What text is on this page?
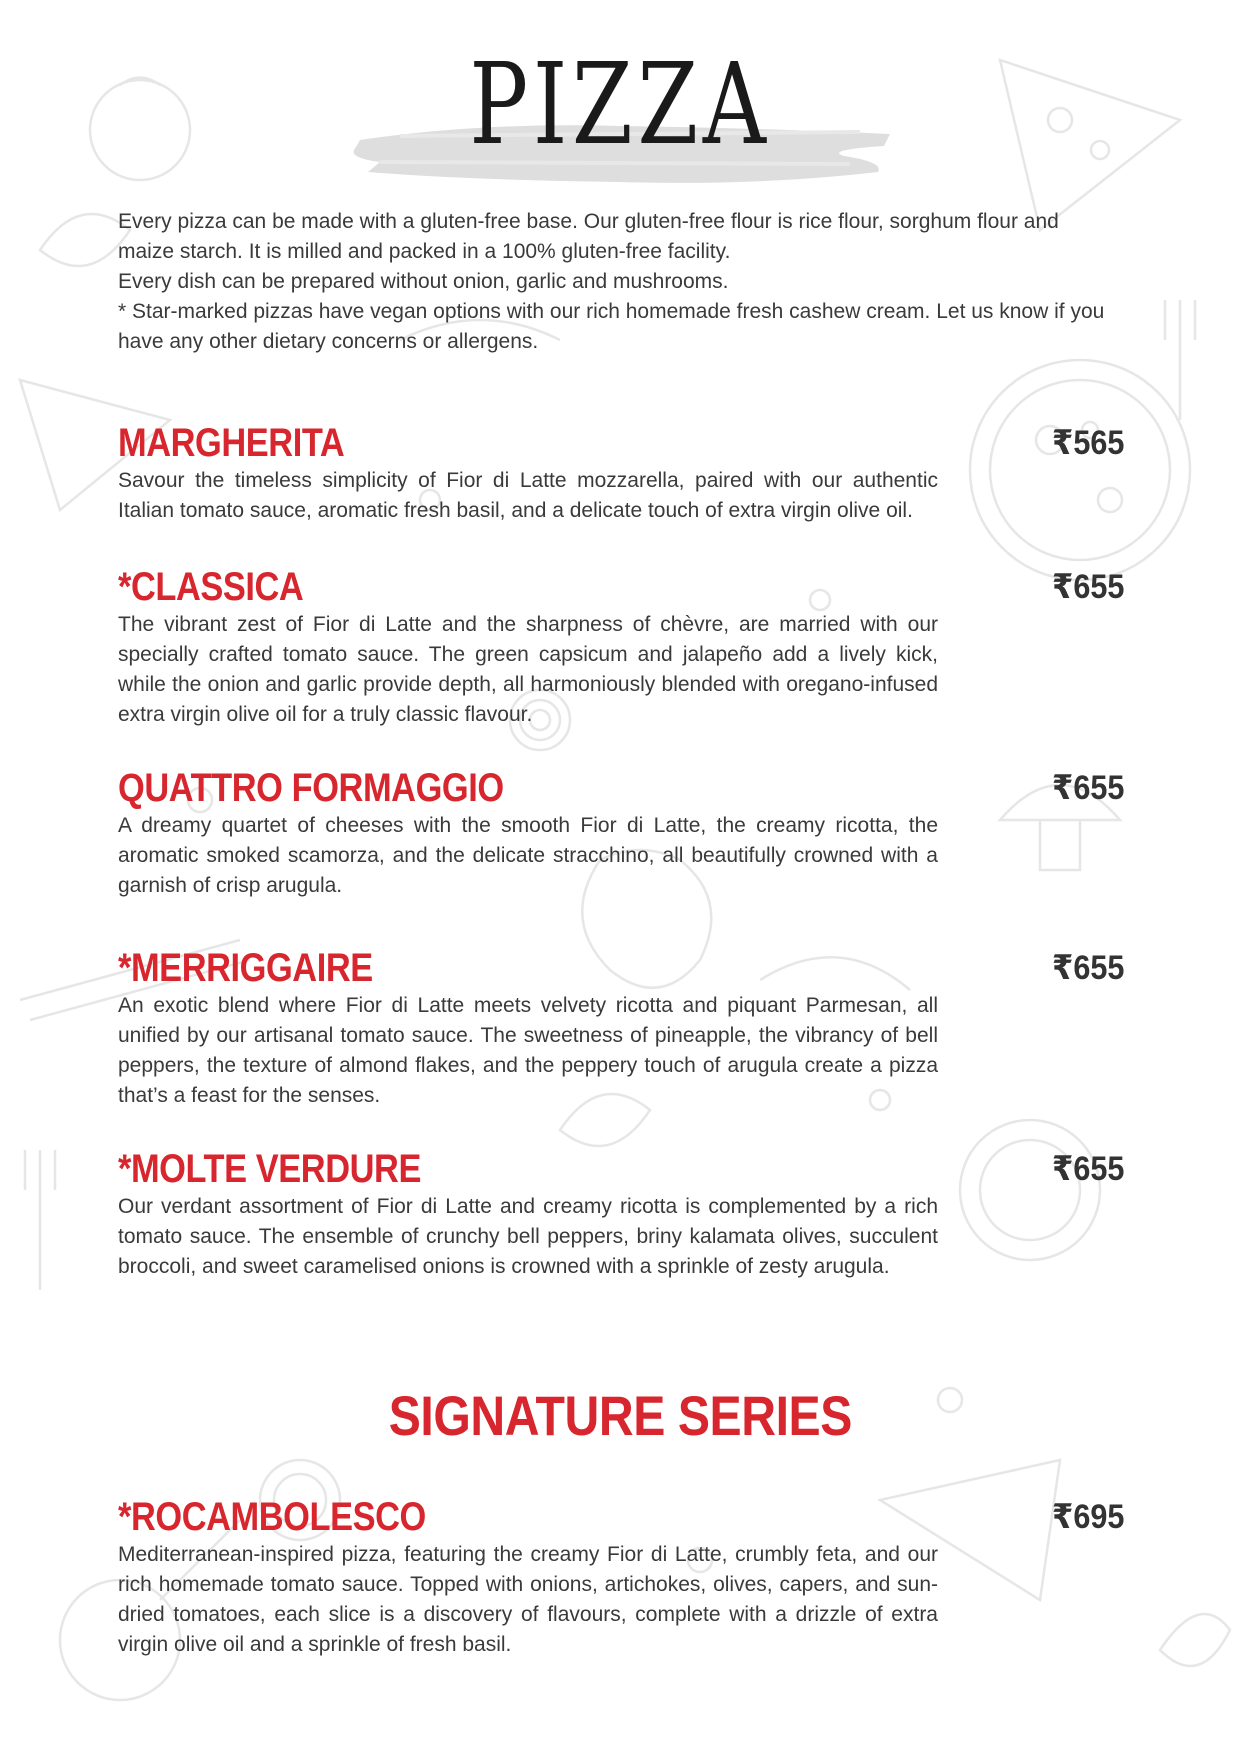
PIZZA

Every pizza can be made with a gluten-free base. Our gluten-free flour is rice flour, sorghum flour and maize starch. It is milled and packed in a 100% gluten-free facility.

Every dish can be prepared without onion, garlic and mushrooms.

* Star-marked pizzas have vegan options with our rich homemade fresh cashew cream. Let us know if you have any other dietary concerns or allergens.

MARGHERITA	₹565

Savour the timeless simplicity of Fior di Latte mozzarella, paired with our authentic Italian tomato sauce, aromatic fresh basil, and a delicate touch of extra virgin olive oil.

*CLASSICA	₹655

The vibrant zest of Fior di Latte and the sharpness of chèvre, are married with our specially crafted tomato sauce. The green capsicum and jalapeño add a lively kick, while the onion and garlic provide depth, all harmoniously blended with oregano-infused extra virgin olive oil for a truly classic flavour.

QUATTRO FORMAGGIO	₹655

A dreamy quartet of cheeses with the smooth Fior di Latte, the creamy ricotta, the aromatic smoked scamorza, and the delicate stracchino, all beautifully crowned with a garnish of crisp arugula.

*MERRIGGAIRE	₹655

An exotic blend where Fior di Latte meets velvety ricotta and piquant Parmesan, all unified by our artisanal tomato sauce. The sweetness of pineapple, the vibrancy of bell peppers, the texture of almond flakes, and the peppery touch of arugula create a pizza that’s a feast for the senses.

*MOLTE VERDURE	₹655

Our verdant assortment of Fior di Latte and creamy ricotta is complemented by a rich tomato sauce. The ensemble of crunchy bell peppers, briny kalamata olives, succulent broccoli, and sweet caramelised onions is crowned with a sprinkle of zesty arugula.

SIGNATURE SERIES
*ROCAMBOLESCO	₹695

Mediterranean-inspired pizza, featuring the creamy Fior di Latte, crumbly feta, and our rich homemade tomato sauce. Topped with onions, artichokes, olives, capers, and sun-dried tomatoes, each slice is a discovery of flavours, complete with a drizzle of extra virgin olive oil and a sprinkle of fresh basil.
